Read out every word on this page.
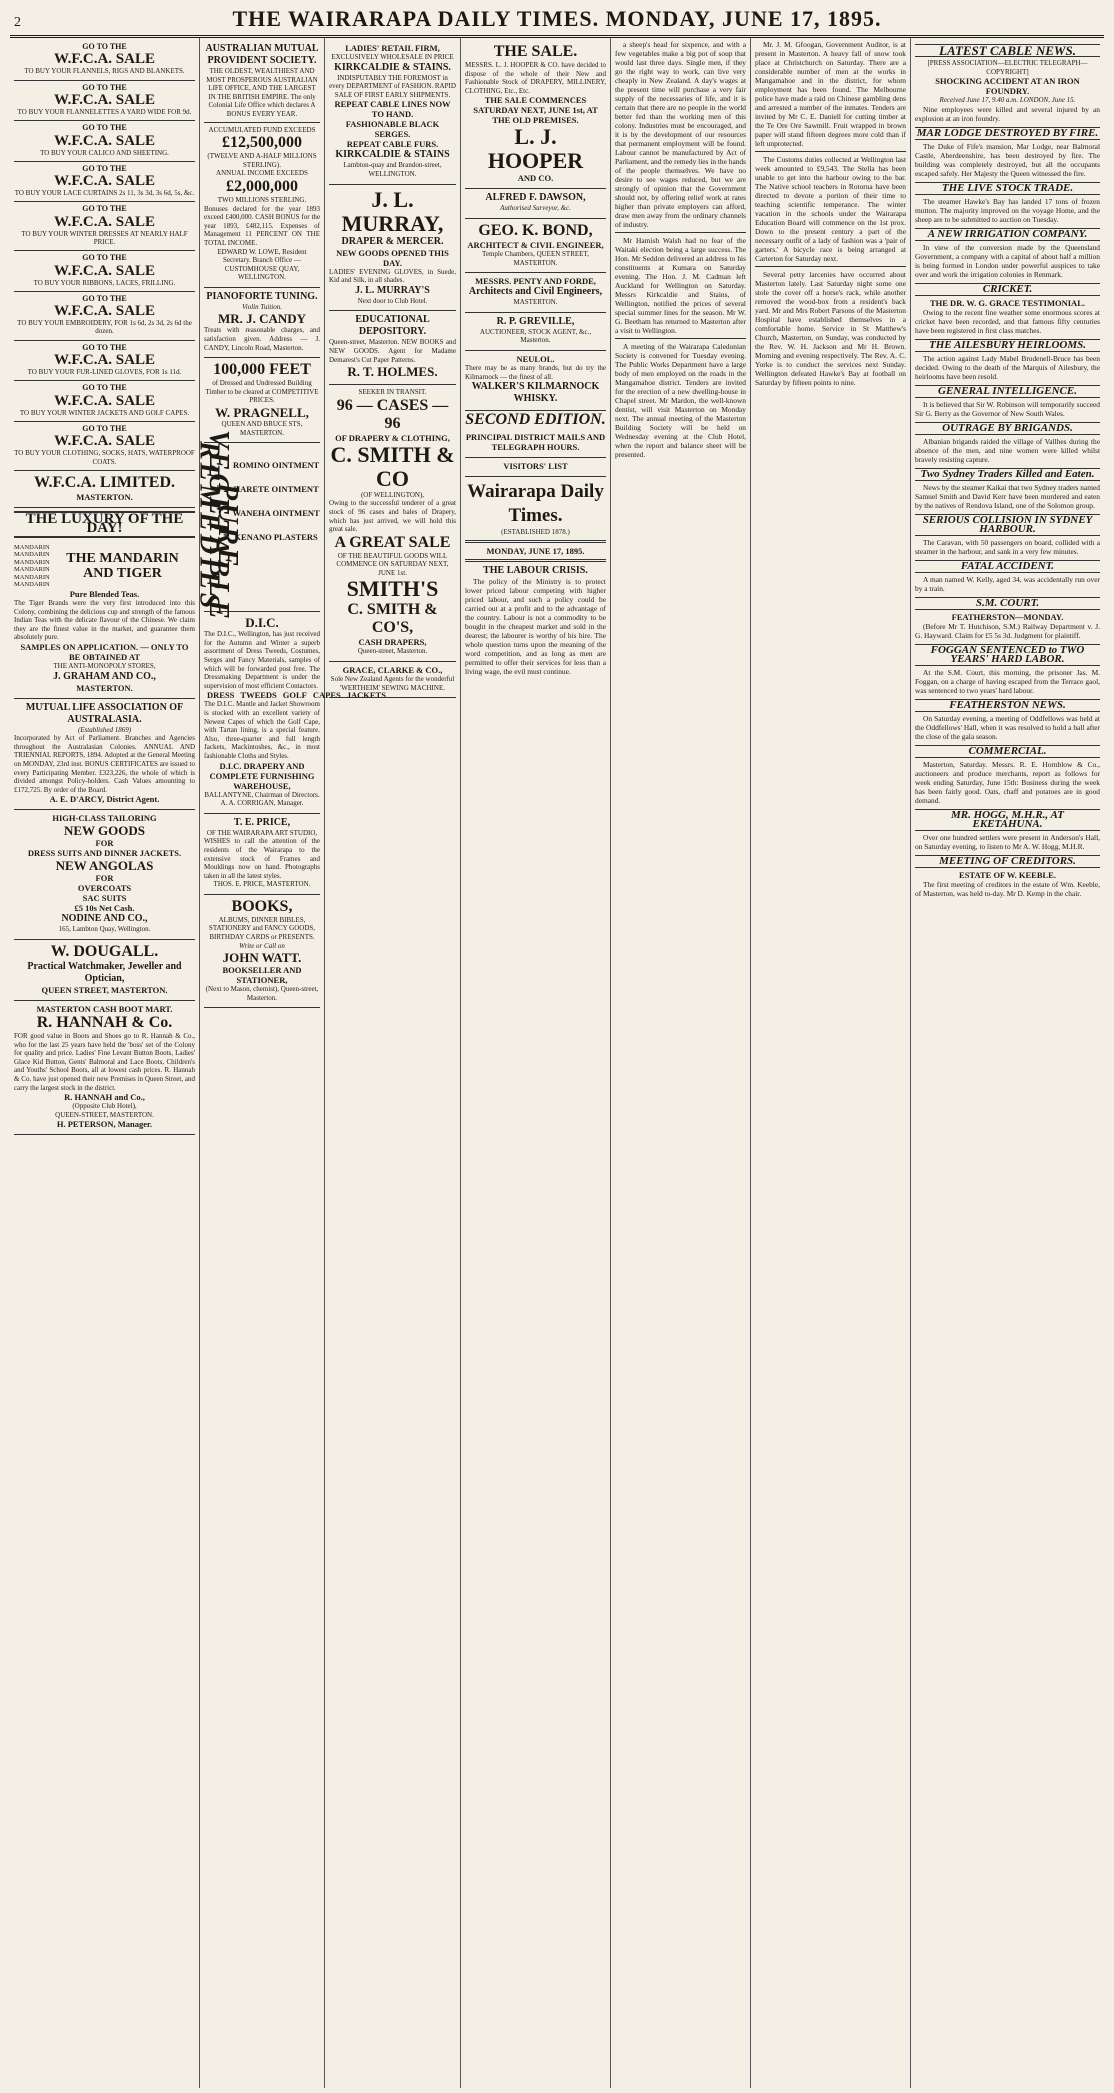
2	THE WAIRARAPA DAILY TIMES. MONDAY, JUNE 17, 1895.
GO TO THE
W.F.C.A. SALE
TO BUY YOUR FLANNELS, RIGS AND BLANKETS.
GO TO THE
W.F.C.A. SALE
TO BUY YOUR FLANNELETTES A YARD WIDE FOR 9d.
GO TO THE
W.F.C.A. SALE
TO BUY YOUR CALICO AND SHEETING.
GO TO THE
W.F.C.A. SALE
TO BUY YOUR LACE CURTAINS 2s 11, 3s 3d, 3s 6d, 5s, &c.
GO TO THE
W.F.C.A. SALE
TO BUY YOUR WINTER DRESSES AT NEARLY HALF PRICE.
GO TO THE
W.F.C.A. SALE
TO BUY YOUR RIBBONS, LACES, FRILLING.
GO TO THE
W.F.C.A. SALE
TO BUY YOUR EMBROIDERY, FOR 1s 6d, 2s 3d, 2s 6d the dozen.
GO TO THE
W.F.C.A. SALE
TO BUY YOUR FUR-LINED GLOVES, FOR 1s 11d.
GO TO THE
W.F.C.A. SALE
TO BUY YOUR WINTER JACKETS AND GOLF CAPES.
GO TO THE
W.F.C.A. SALE
TO BUY YOUR CLOTHING, SOCKS, HATS, WATERPROOF COATS.
W.F.C.A. LIMITED.
MASTERTON.
THE LUXURY OF THE DAY!
MANDARIN
MANDARIN
MANDARIN
MANDARIN
MANDARIN
MANDARIN
THE MANDARIN AND TIGER
Pure Blended Teas.
The Tiger Brands were the very first introduced into this Colony, combining the delicious cup and strength of the famous Indian Teas with the delicate flavour of the Chinese. We claim they are the finest value in the market, and guarantee them absolutely pure.
SAMPLES ON APPLICATION. — ONLY TO BE OBTAINED AT
THE ANTI-MONOPOLY STORES,
J. GRAHAM AND CO.,
MASTERTON.
MUTUAL LIFE ASSOCIATION OF AUSTRALASIA.
(Established 1869)
Incorporated by Act of Parliament. Branches and Agencies throughout the Australasian Colonies. ANNUAL AND TRIENNIAL REPORTS, 1894. Adopted at the General Meeting on MONDAY, 23rd inst. BONUS CERTIFICATES are issued to every Participating Member. £323,226, the whole of which is divided amongst Policy-holders. Cash Values amounting to £172,725. By order of the Board.
A. E. D'ARCY, District Agent.
HIGH-CLASS TAILORING
NEW GOODS
FOR
DRESS SUITS AND DINNER JACKETS.
NEW ANGOLAS
FOR
OVERCOATS
SAC SUITS
£5 10s Net Cash.
NODINE AND CO.,
165, Lambton Quay, Wellington.
W. DOUGALL.
Practical Watchmaker, Jeweller and Optician,
QUEEN STREET, MASTERTON.
MASTERTON CASH BOOT MART.
R. HANNAH & Co.
FOR good value in Boots and Shoes go to R. Hannah & Co., who for the last 25 years have held the 'boss' set of the Colony for quality and price. Ladies' Fine Levant Button Boots, Ladies' Glace Kid Button, Gents' Balmoral and Lace Boots, Children's and Youths' School Boots, all at lowest cash prices. R. Hannah & Co. have just opened their new Premises in Queen Street, and carry the largest stock in the district.
R. HANNAH and Co.,
(Opposite Club Hotel),
QUEEN-STREET, MASTERTON.
H. PETERSON, Manager.
AUSTRALIAN MUTUAL PROVIDENT SOCIETY.
THE OLDEST, WEALTHIEST AND MOST PROSPEROUS AUSTRALIAN LIFE OFFICE, AND THE LARGEST IN THE BRITISH EMPIRE. The only Colonial Life Office which declares A BONUS EVERY YEAR.
ACCUMULATED FUND EXCEEDS
£12,500,000
(TWELVE AND A-HALF MILLIONS STERLING).
ANNUAL INCOME EXCEEDS
£2,000,000
TWO MILLIONS STERLING.
Bonuses declared for the year 1893 exceed £400,000. CASH BONUS for the year 1893, £482,115. Expenses of Management 11 PERCENT ON THE TOTAL INCOME.
EDWARD W. LOWE, Resident Secretary. Branch Office — CUSTOMHOUSE QUAY, WELLINGTON.
PIANOFORTE TUNING.
Violin Tuition.
MR. J. CANDY
Treats with reasonable charges, and satisfaction given. Address — J. CANDY, Lincoln Road, Masterton.
100,000 FEET
of Dressed and Undressed Building Timber to be cleared at COMPETITIVE PRICES.
W. PRAGNELL,
QUEEN AND BRUCE STS, MASTERTON.
PURE VEGETABLE REMEDIES	ROMINO OINTMENT
HARETE OINTMENT
WANEHA OINTMENT
KENANO PLASTERS
D.I.C.
The D.I.C., Wellington, has just received for the Autumn and Winter a superb assortment of Dress Tweeds, Costumes, Serges and Fancy Materials, samples of which will be forwarded post free. The Dressmaking Department is under the supervision of most efficient Contactors.
DRESS TWEEDS GOLF CAPES JACKETS
The D.I.C. Mantle and Jacket Showroom is stocked with an excellent variety of Newest Capes of which the Golf Cape, with Tartan lining, is a special feature. Also, three-quarter and full length Jackets, Mackintoshes, &c., in most fashionable Cloths and Styles.
D.I.C. DRAPERY AND COMPLETE FURNISHING WAREHOUSE,
BALLANTYNE, Chairman of Directors. A. A. CORRIGAN, Manager.
T. E. PRICE,
OF THE WAIRARAPA ART STUDIO,
WISHES to call the attention of the residents of the Wairarapa to the extensive stock of Frames and Mouldings now on hand. Photographs taken in all the latest styles.
THOS. E. PRICE, MASTERTON.
BOOKS,
ALBUMS, DINNER BIBLES, STATIONERY and FANCY GOODS, BIRTHDAY CARDS or PRESENTS.
Write or Call on
JOHN WATT.
BOOKSELLER AND STATIONER,
(Next to Mason, chemist), Queen-street, Masterton.
LADIES' RETAIL FIRM,
EXCLUSIVELY WHOLESALE IN PRICE
KIRKCALDIE & STAINS.
INDISPUTABLY THE FOREMOST in every DEPARTMENT of FASHION. RAPID SALE OF FIRST EARLY SHIPMENTS.
REPEAT CABLE LINES NOW TO HAND.
FASHIONABLE BLACK SERGES.
REPEAT CABLE FURS.
KIRKCALDIE & STAINS
Lambton-quay and Brandon-street, WELLINGTON.
J. L. MURRAY,
DRAPER & MERCER.
NEW GOODS OPENED THIS DAY.
LADIES' EVENING GLOVES, in Suede, Kid and Silk, in all shades.
J. L. MURRAY'S
Next door to Club Hotel.
EDUCATIONAL DEPOSITORY.
Queen-street, Masterton. NEW BOOKS and NEW GOODS. Agent for Madame Demarest's Cut Paper Patterns.
R. T. HOLMES.
SEEKER IN TRANSIT.
96 — CASES — 96
OF DRAPERY & CLOTHING,
C. SMITH & CO
(OF WELLINGTON),
Owing to the successful tenderer of a great stock of 96 cases and bales of Drapery, which has just arrived, we will hold this great sale.
A GREAT SALE
OF THE BEAUTIFUL GOODS WILL COMMENCE ON SATURDAY NEXT, JUNE 1st.
SMITH'S
C. SMITH & CO'S,
CASH DRAPERS,
Queen-street, Masterton.
GRACE, CLARKE & CO.,
Sole New Zealand Agents for the wonderful 'WERTHEIM' SEWING MACHINE.
THE SALE.
MESSRS. L. J. HOOPER & CO. have decided to dispose of the whole of their New and Fashionable Stock of DRAPERY, MILLINERY, CLOTHING, Etc., Etc.
THE SALE COMMENCES SATURDAY NEXT, JUNE 1st, AT THE OLD PREMISES.
L. J. HOOPER
AND CO.
ALFRED F. DAWSON,
Authorised Surveyor, &c.
GEO. K. BOND,
ARCHITECT & CIVIL ENGINEER,
Temple Chambers, QUEEN STREET, MASTERTON.
MESSRS. PENTY AND FORDE,
Architects and Civil Engineers,
MASTERTON.
R. P. GREVILLE,
AUCTIONEER, STOCK AGENT, &c., Masterton.
NEULOL.
There may be as many brands, but do try the Kilmarnock — the finest of all.
WALKER'S KILMARNOCK WHISKY.
SECOND EDITION.
PRINCIPAL DISTRICT MAILS AND TELEGRAPH HOURS.
VISITORS' LIST
Wairarapa Daily Times.
(ESTABLISHED 1878.)
MONDAY, JUNE 17, 1895.
THE LABOUR CRISIS.

The policy of the Ministry is to protect lower priced labour competing with higher priced labour, and such a policy could be carried out at a profit and to the advantage of the country. Labour is not a commodity to be bought in the cheapest market and sold in the dearest; the labourer is worthy of his hire. The whole question turns upon the meaning of the word competition, and as long as men are permitted to offer their services for less than a living wage, the evil must continue.

a sheep's head for sixpence, and with a few vegetables make a big pot of soup that would last three days. Single men, if they go the right way to work, can live very cheaply in New Zealand. A day's wages at the present time will purchase a very fair supply of the necessaries of life, and it is certain that there are no people in the world better fed than the working men of this colony. Industries must be encouraged, and it is by the development of our resources that permanent employment will be found. Labour cannot be manufactured by Act of Parliament, and the remedy lies in the hands of the people themselves. We have no desire to see wages reduced, but we are strongly of opinion that the Government should not, by offering relief work at rates higher than private employers can afford, draw men away from the ordinary channels of industry.

Mr Hamish Walsh had no fear of the Waitaki election being a large success. The Hon. Mr Seddon delivered an address to his constituents at Kumara on Saturday evening. The Hon. J. M. Cadman left Auckland for Wellington on Saturday. Messrs Kirkcaldie and Stains, of Wellington, notified the prices of several special summer lines for the season. Mr W. G. Beetham has returned to Masterton after a visit to Wellington.

A meeting of the Wairarapa Caledonian Society is convened for Tuesday evening. The Public Works Department have a large body of men employed on the roads in the Mangamahoe district. Tenders are invited for the erection of a new dwelling-house in Chapel street. Mr Mardon, the well-known dentist, will visit Masterton on Monday next. The annual meeting of the Masterton Building Society will be held on Wednesday evening at the Club Hotel, when the report and balance sheet will be presented.

Mr. J. M. Gfoogan, Government Auditor, is at present in Masterton. A heavy fall of snow took place at Christchurch on Saturday. There are a considerable number of men at the works in Mangamahoe and in the district, for whom employment has been found. The Melbourne police have made a raid on Chinese gambling dens and arrested a number of the inmates. Tenders are invited by Mr C. E. Daniell for cutting timber at the Te Ore Ore Sawmill. Fruit wrapped in brown paper will stand fifteen degrees more cold than if left unprotected.

The Customs duties collected at Wellington last week amounted to £9,543. The Stella has been unable to get into the harbour owing to the bar. The Native school teachers in Rotorua have been directed to devote a portion of their time to teaching scientific temperance. The winter vacation in the schools under the Wairarapa Education Board will commence on the 1st prox. Down to the present century a part of the necessary outfit of a lady of fashion was a 'pair of garters.' A bicycle race is being arranged at Carterton for Saturday next.

Several petty larcenies have occurred about Masterton lately. Last Saturday night some one stole the cover off a horse's rack, while another removed the wood-box from a resident's back yard. Mr and Mrs Robert Parsons of the Masterton Hospital have established themselves in a comfortable home. Service in St Matthew's Church, Masterton, on Sunday, was conducted by the Rev. W. H. Jackson and Mr H. Brown. Morning and evening respectively. The Rev. A. C. Yorke is to conduct the services next Sunday. Wellington defeated Hawke's Bay at football on Saturday by fifteen points to nine.

LATEST CABLE NEWS.
[PRESS ASSOCIATION—ELECTRIC TELEGRAPH—COPYRIGHT]
SHOCKING ACCIDENT AT AN IRON FOUNDRY.
Received June 17, 9.40 a.m. LONDON, June 15.

Nine employees were killed and several injured by an explosion at an iron foundry.

MAR LODGE DESTROYED BY FIRE.

The Duke of Fife's mansion, Mar Lodge, near Balmoral Castle, Aberdeenshire, has been destroyed by fire. The building was completely destroyed, but all the occupants escaped safely. Her Majesty the Queen witnessed the fire.

THE LIVE STOCK TRADE.

The steamer Hawke's Bay has landed 17 tons of frozen mutton. The majority improved on the voyage Home, and the sheep are to be submitted to auction on Tuesday.

A NEW IRRIGATION COMPANY.

In view of the conversion made by the Queensland Government, a company with a capital of about half a million is being formed in London under powerful auspices to take over and work the irrigation colonies in Renmark.

CRICKET.
THE DR. W. G. GRACE TESTIMONIAL.

Owing to the recent fine weather some enormous scores at cricket have been recorded, and that famous fifty centuries have been registered in first class matches.

THE AILESBURY HEIRLOOMS.

The action against Lady Mabel Brudenell-Bruce has been decided. Owing to the death of the Marquis of Ailesbury, the heirlooms have been resold.

GENERAL INTELLIGENCE.

It is believed that Sir W. Robinson will temporarily succeed Sir G. Berry as the Governor of New South Wales.

OUTRAGE BY BRIGANDS.

Albanian brigands raided the village of Vallhes during the absence of the men, and nine women were killed whilst bravely resisting capture.

Two Sydney Traders Killed and Eaten.

News by the steamer Kaikai that two Sydney traders named Samuel Smith and David Kerr have been murdered and eaten by the natives of Rendova Island, one of the Solomon group.

SERIOUS COLLISION IN SYDNEY HARBOUR.

The Caravan, with 50 passengers on board, collided with a steamer in the harbour, and sank in a very few minutes.

FATAL ACCIDENT.

A man named W. Kelly, aged 34, was accidentally run over by a train.

S.M. COURT.
FEATHERSTON—MONDAY.

(Before Mr T. Hutchison, S.M.) Railway Department v. J. G. Hayward. Claim for £5 5s 3d. Judgment for plaintiff.

FOGGAN SENTENCED to TWO YEARS' HARD LABOR.

At the S.M. Court, this morning, the prisoner Jas. M. Foggan, on a charge of having escaped from the Terrace gaol, was sentenced to two years' hard labour.

FEATHERSTON NEWS.

On Saturday evening, a meeting of Oddfellows was held at the Oddfellows' Hall, when it was resolved to hold a ball after the close of the gala season.

COMMERCIAL.

Masterton, Saturday. Messrs. R. E. Hornblow & Co., auctioneers and produce merchants, report as follows for week ending Saturday, June 15th: Business during the week has been fairly good. Oats, chaff and potatoes are in good demand.

MR. HOGG, M.H.R., AT EKETAHUNA.

Over one hundred settlers were present in Anderson's Hall, on Saturday evening, to listen to Mr A. W. Hogg, M.H.R.

MEETING OF CREDITORS.
ESTATE OF W. KEEBLE.

The first meeting of creditors in the estate of Wm. Keeble, of Masterton, was held to-day. Mr D. Kemp in the chair.
